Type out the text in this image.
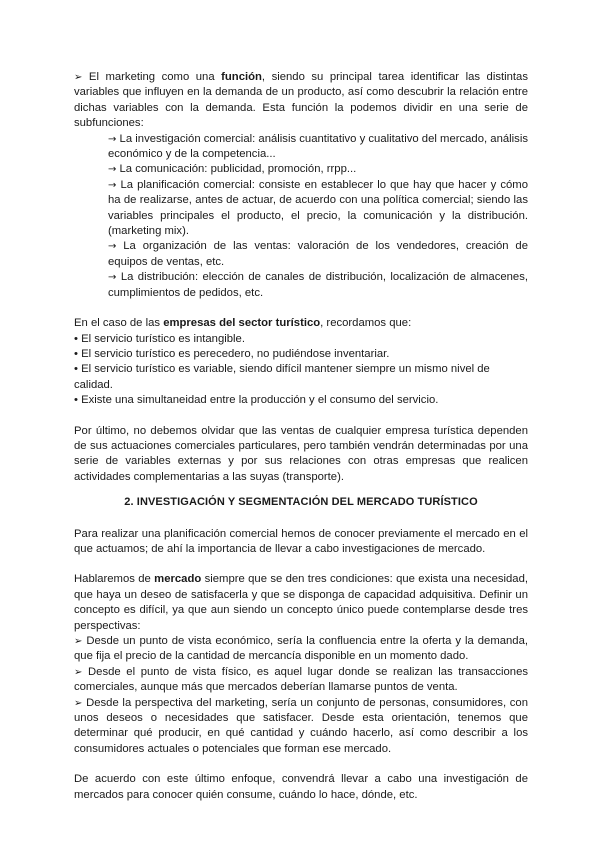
➢ El marketing como una función, siendo su principal tarea identificar las distintas variables que influyen en la demanda de un producto, así como descubrir la relación entre dichas variables con la demanda. Esta función la podemos dividir en una serie de subfunciones:

→ La investigación comercial: análisis cuantitativo y cualitativo del mercado, análisis económico y de la competencia...

→ La comunicación: publicidad, promoción, rrpp...

→ La planificación comercial: consiste en establecer lo que hay que hacer y cómo ha de realizarse, antes de actuar, de acuerdo con una política comercial; siendo las variables principales el producto, el precio, la comunicación y la distribución. (marketing mix).

→ La organización de las ventas: valoración de los vendedores, creación de equipos de ventas, etc.

→ La distribución: elección de canales de distribución, localización de almacenes, cumplimientos de pedidos, etc.

En el caso de las empresas del sector turístico, recordamos que:

• El servicio turístico es intangible.

• El servicio turístico es perecedero, no pudiéndose inventariar.

• El servicio turístico es variable, siendo difícil mantener siempre un mismo nivel de calidad.

• Existe una simultaneidad entre la producción y el consumo del servicio.

Por último, no debemos olvidar que las ventas de cualquier empresa turística dependen de sus actuaciones comerciales particulares, pero también vendrán determinadas por una serie de variables externas y por sus relaciones con otras empresas que realicen actividades complementarias a las suyas (transporte).

2. INVESTIGACIÓN Y SEGMENTACIÓN DEL MERCADO TURÍSTICO

Para realizar una planificación comercial hemos de conocer previamente el mercado en el que actuamos; de ahí la importancia de llevar a cabo investigaciones de mercado.

Hablaremos de mercado siempre que se den tres condiciones: que exista una necesidad, que haya un deseo de satisfacerla y que se disponga de capacidad adquisitiva. Definir un concepto es difícil, ya que aun siendo un concepto único puede contemplarse desde tres perspectivas:

➢ Desde un punto de vista económico, sería la confluencia entre la oferta y la demanda, que fija el precio de la cantidad de mercancía disponible en un momento dado.

➢ Desde el punto de vista físico, es aquel lugar donde se realizan las transacciones comerciales, aunque más que mercados deberían llamarse puntos de venta.

➢ Desde la perspectiva del marketing, sería un conjunto de personas, consumidores, con unos deseos o necesidades que satisfacer. Desde esta orientación, tenemos que determinar qué producir, en qué cantidad y cuándo hacerlo, así como describir a los consumidores actuales o potenciales que forman ese mercado.

De acuerdo con este último enfoque, convendrá llevar a cabo una investigación de mercados para conocer quién consume, cuándo lo hace, dónde, etc.
